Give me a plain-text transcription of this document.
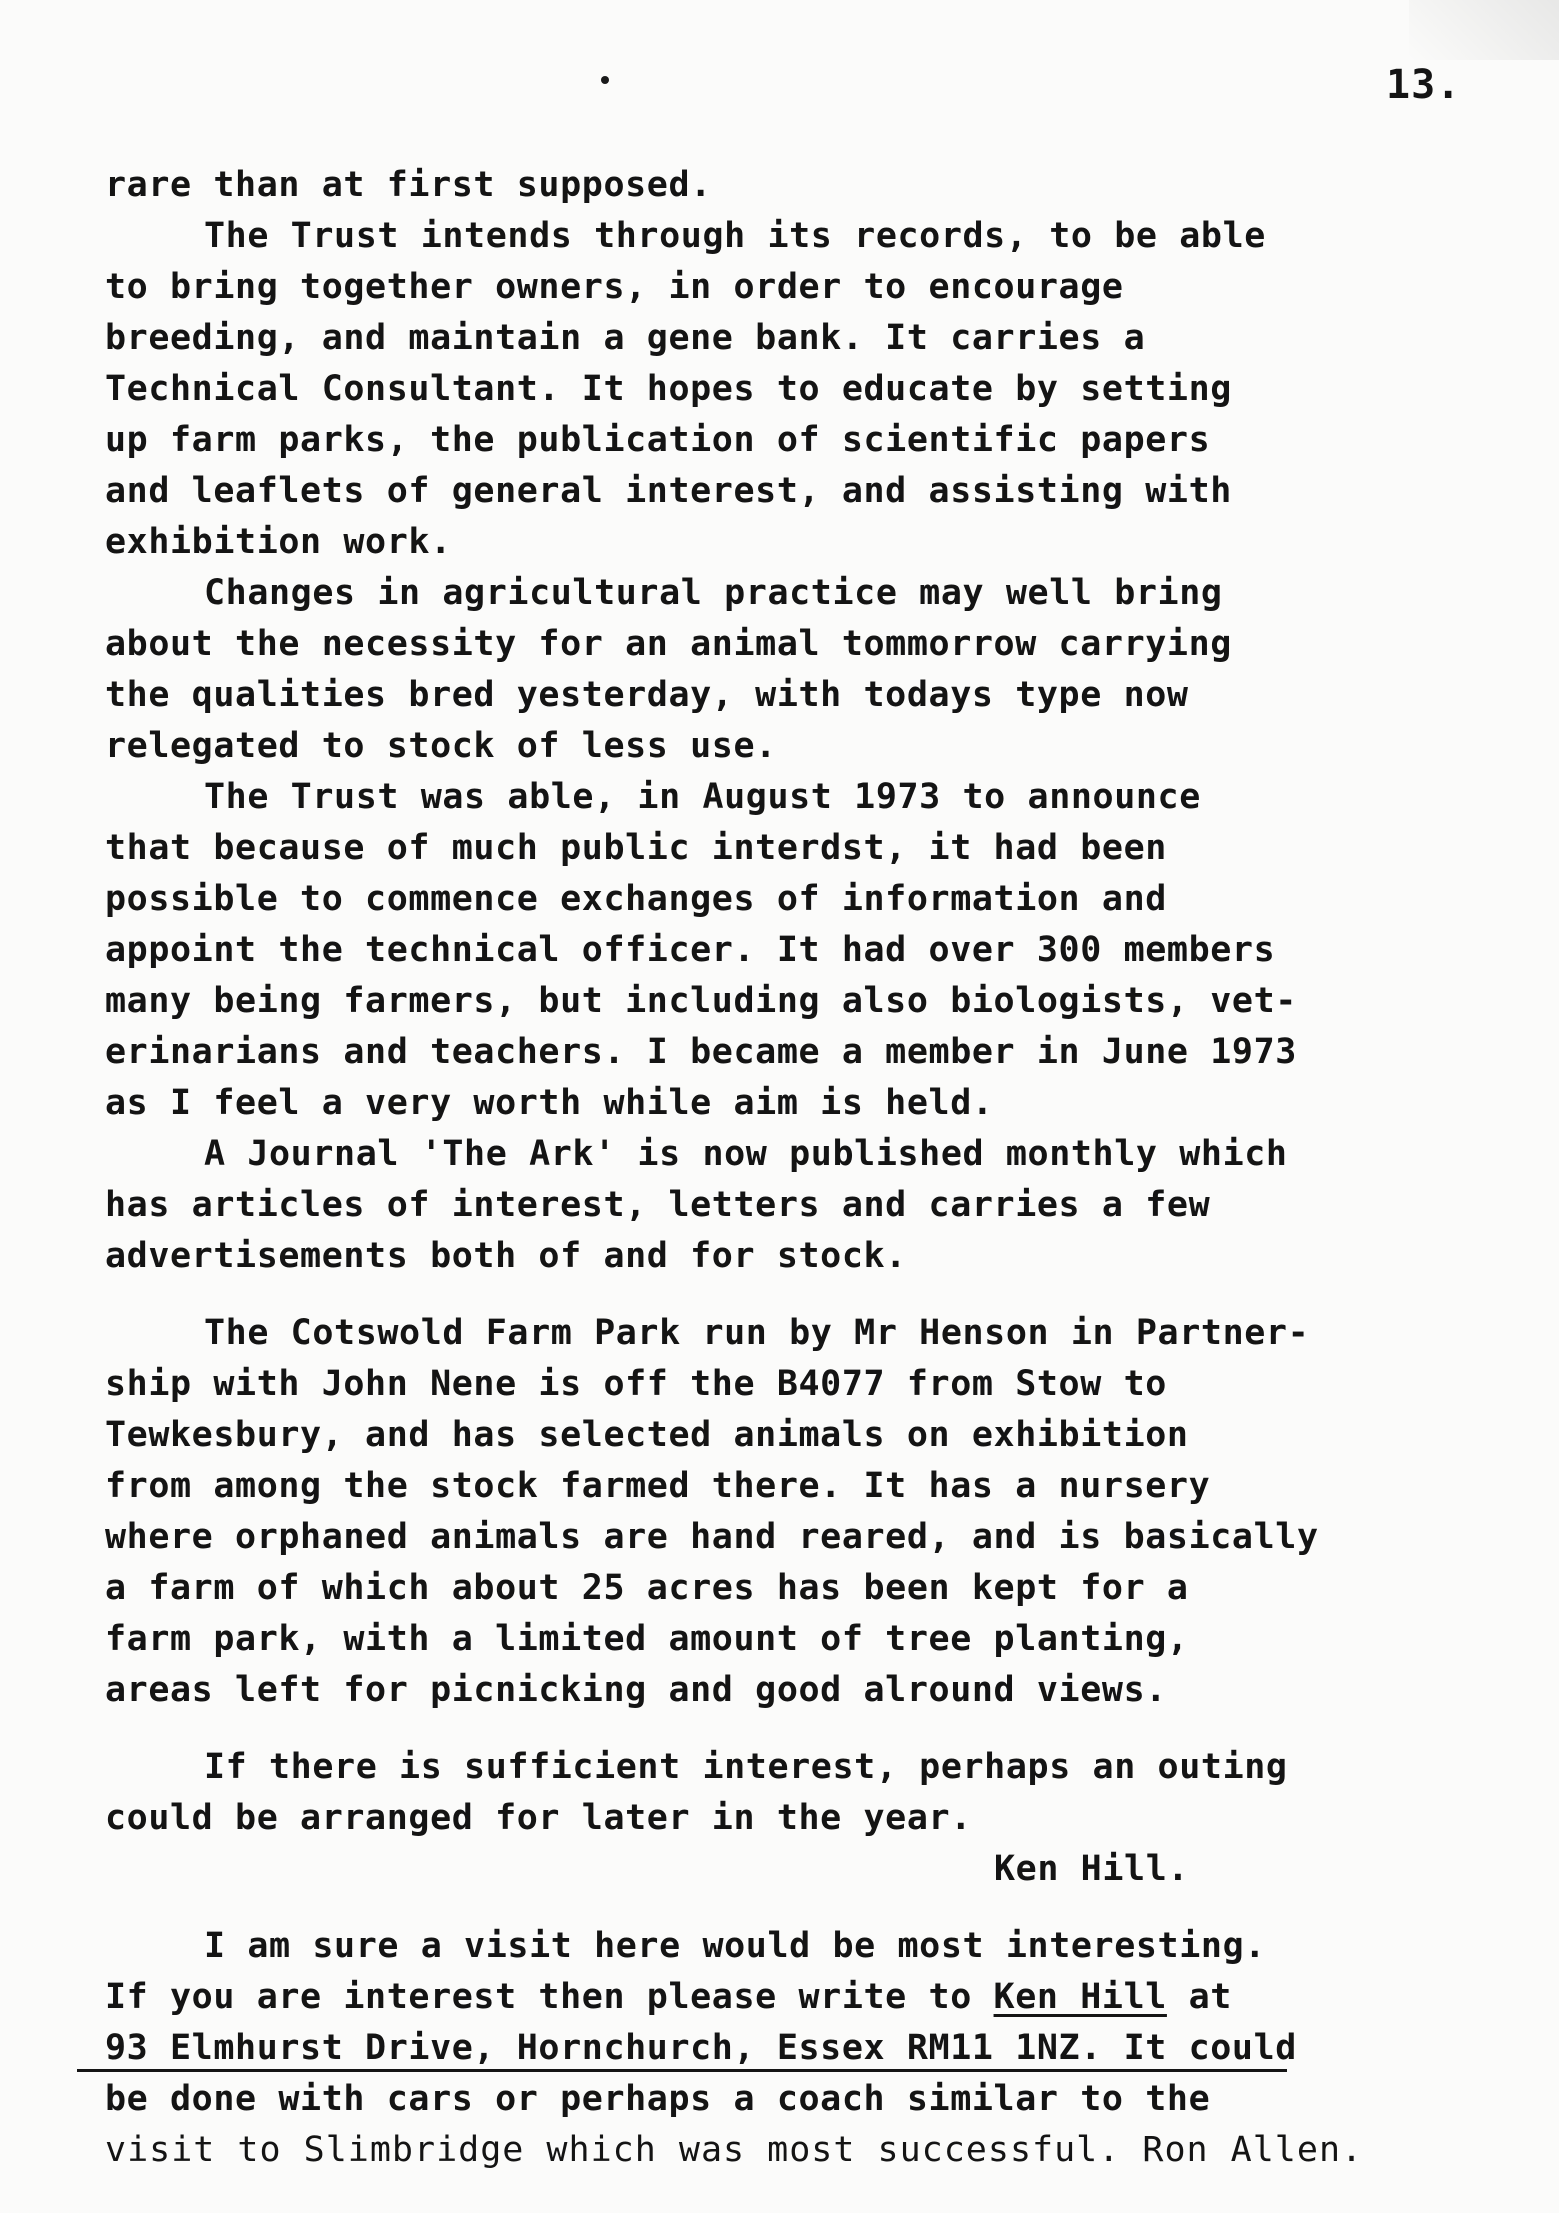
13.
rare than at first supposed.
The Trust intends through its records, to be able
to bring together owners, in order to encourage
breeding, and maintain a gene bank. It carries a
Technical Consultant. It hopes to educate by setting
up farm parks, the publication of scientific papers
and leaflets of general interest, and assisting with
exhibition work.
Changes in agricultural practice may well bring
about the necessity for an animal tommorrow carrying
the qualities bred yesterday, with todays type now
relegated to stock of less use.
The Trust was able, in August 1973 to announce
that because of much public interdst, it had been
possible to commence exchanges of information and
appoint the technical officer. It had over 300 members
many being farmers, but including also biologists, vet-
erinarians and teachers. I became a member in June 1973
as I feel a very worth while aim is held.
A Journal 'The Ark' is now published monthly which
has articles of interest, letters and carries a few
advertisements both of and for stock.
The Cotswold Farm Park run by Mr Henson in Partner-
ship with John Nene is off the B4077 from Stow to
Tewkesbury, and has selected animals on exhibition
from among the stock farmed there. It has a nursery
where orphaned animals are hand reared, and is basically
a farm of which about 25 acres has been kept for a
farm park, with a limited amount of tree planting,
areas left for picnicking and good alround views.
If there is sufficient interest, perhaps an outing
could be arranged for later in the year.
Ken Hill.
I am sure a visit here would be most interesting.
If you are interest then please write to Ken Hill at
93 Elmhurst Drive, Hornchurch, Essex RM11 1NZ. It could
be done with cars or perhaps a coach similar to the
visit to Slimbridge which was most successful. Ron Allen.
